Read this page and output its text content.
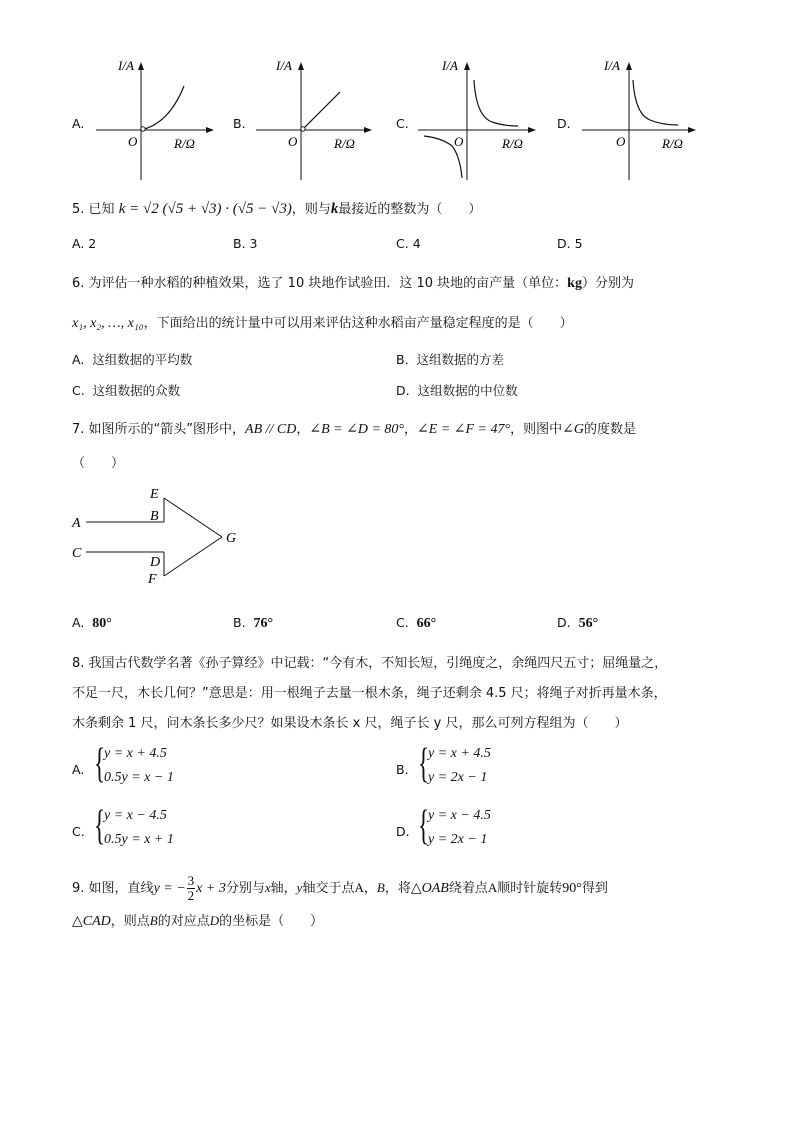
A.
I/A
O	R/Ω
B.
I/A
O	R/Ω
C.
I/A
O	R/Ω
D.
I/A
O	R/Ω
5. 已知 k = √2 (√5 + √3) · (√5 − √3)，则与k最接近的整数为（　　）
A. 2	B. 3	C. 4	D. 5
6. 为评估一种水稻的种植效果，选了 10 块地作试验田．这 10 块地的亩产量（单位：kg）分别为
x₁, x₂, …, x₁₀，下面给出的统计量中可以用来评估这种水稻亩产量稳定程度的是（　　）
A. 这组数据的平均数	B. 这组数据的方差
C. 这组数据的众数	D. 这组数据的中位数
7. 如图所示的“箭头”图形中，AB // CD，∠B = ∠D = 80°，∠E = ∠F = 47°，则图中∠G的度数是
（　　）
A
C
E
B
D
F
G
A. 80°	B. 76°	C. 66°	D. 56°
8. 我国古代数学名著《孙子算经》中记载：“今有木，不知长短，引绳度之，余绳四尺五寸；屈绳量之，
不足一尺，木长几何？”意思是：用一根绳子去量一根木条，绳子还剩余 4.5 尺；将绳子对折再量木条，
木条剩余 1 尺，问木条长多少尺？如果设木条长 x 尺，绳子长 y 尺，那么可列方程组为（　　）
A. {
y = x + 4.5
0.5y = x − 1
B. {
y = x + 4.5
y = 2x − 1
C. {
y = x − 4.5
0.5y = x + 1
D. {
y = x − 4.5
y = 2x − 1
9. 如图，直线y = − $\frac{3}{2}$ x + 3分别与x轴，y轴交于点A，B，将△OAB绕着点A顺时针旋转90°得到
△CAD，则点B的对应点D的坐标是（　　）
